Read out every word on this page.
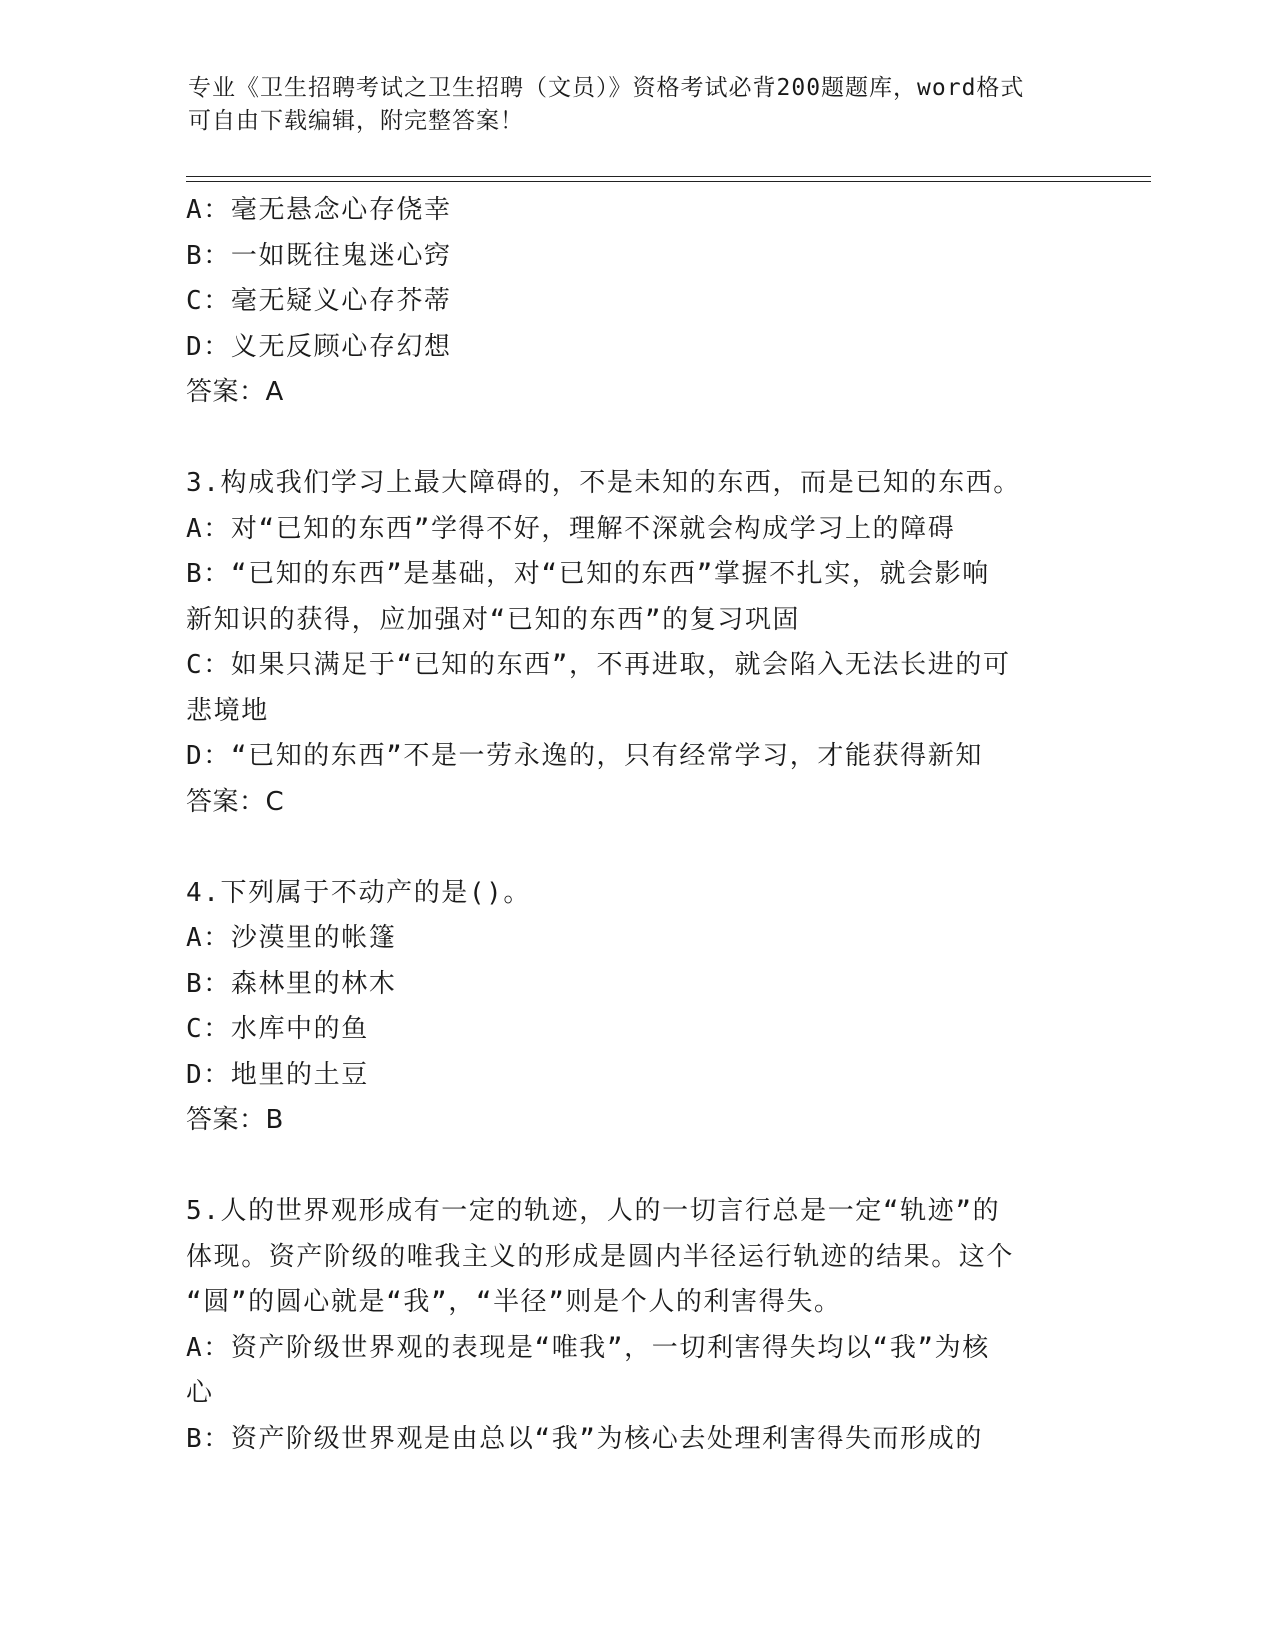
专业《卫生招聘考试之卫生招聘（文员）》资格考试必背200题题库，word格式
可自由下载编辑，附完整答案！
A：毫无悬念心存侥幸
B：一如既往鬼迷心窍
C：毫无疑义心存芥蒂
D：义无反顾心存幻想
答案：A
3.构成我们学习上最大障碍的，不是未知的东西，而是已知的东西。
A：对“已知的东西”学得不好，理解不深就会构成学习上的障碍
B：“已知的东西”是基础，对“已知的东西”掌握不扎实，就会影响
新知识的获得，应加强对“已知的东西”的复习巩固
C：如果只满足于“已知的东西”，不再进取，就会陷入无法长进的可
悲境地
D：“已知的东西”不是一劳永逸的，只有经常学习，才能获得新知
答案：C
4.下列属于不动产的是()。
A：沙漠里的帐篷
B：森林里的林木
C：水库中的鱼
D：地里的土豆
答案：B
5.人的世界观形成有一定的轨迹，人的一切言行总是一定“轨迹”的
体现。资产阶级的唯我主义的形成是圆内半径运行轨迹的结果。这个
“圆”的圆心就是“我”，“半径”则是个人的利害得失。
A：资产阶级世界观的表现是“唯我”，一切利害得失均以“我”为核
心
B：资产阶级世界观是由总以“我”为核心去处理利害得失而形成的
